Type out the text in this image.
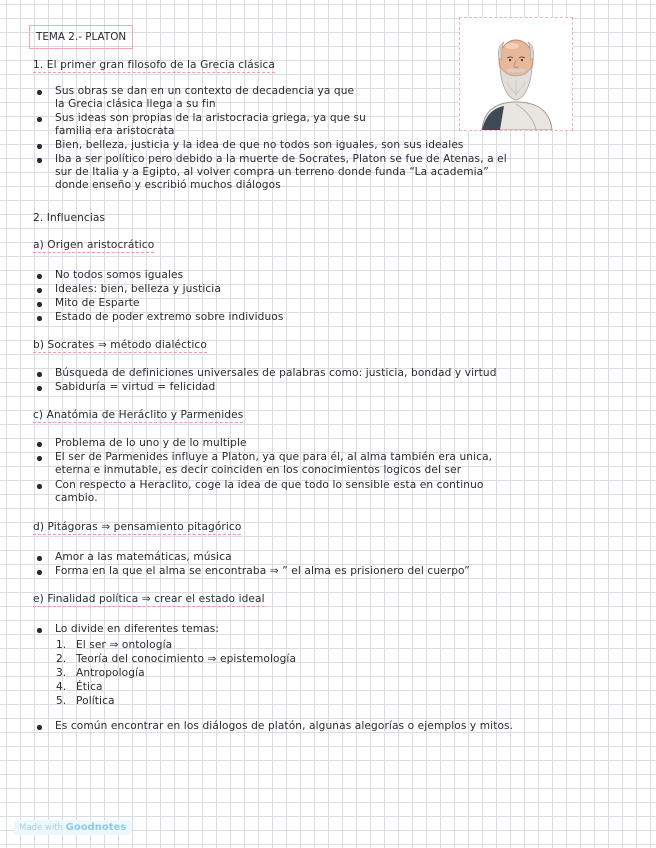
TEMA 2.- PLATON
1. El primer gran filosofo de la Grecia clásica
Sus obras se dan en un contexto de decadencia ya que
la Grecia clásica llega a su fin
Sus ideas son propias de la aristocracia griega, ya que su
familia era aristocrata
Bien, belleza, justicia y la idea de que no todos son iguales, son sus ideales
Iba a ser político pero debido a la muerte de Socrates, Platon se fue de Atenas, a el
sur de Italia y a Egipto, al volver compra un terreno donde funda “La academia”
donde enseño y escribió muchos diálogos
2. Influencias
a) Origen aristocrático
No todos somos iguales
Ideales: bien, belleza y justicia
Mito de Esparte
Estado de poder extremo sobre individuos
b) Socrates ⇒ método dialéctico
Búsqueda de definiciones universales de palabras como: justicia, bondad y virtud
Sabiduría = virtud = felicidad
c) Anatómia de Heráclito y Parmenides
Problema de lo uno y de lo multiple
El ser de Parmenides influye a Platon, ya que para él, al alma también era unica,
eterna e inmutable, es decir coinciden en los conocimientos logicos del ser
Con respecto a Heraclito, coge la idea de que todo lo sensible esta en continuo
cambio.
d) Pitágoras ⇒ pensamiento pitagórico
Amor a las matemáticas, música
Forma en la que el alma se encontraba ⇒ ” el alma es prisionero del cuerpo”
e) Finalidad política ⇒ crear el estado ideal
Lo divide en diferentes temas:
1. El ser ⇒ ontología
2. Teoría del conocimiento ⇒ epistemología
3. Antropología
4. Ética
5. Política
Es común encontrar en los diálogos de platón, algunas alegorías o ejemplos y mitos.
Made with Goodnotes
